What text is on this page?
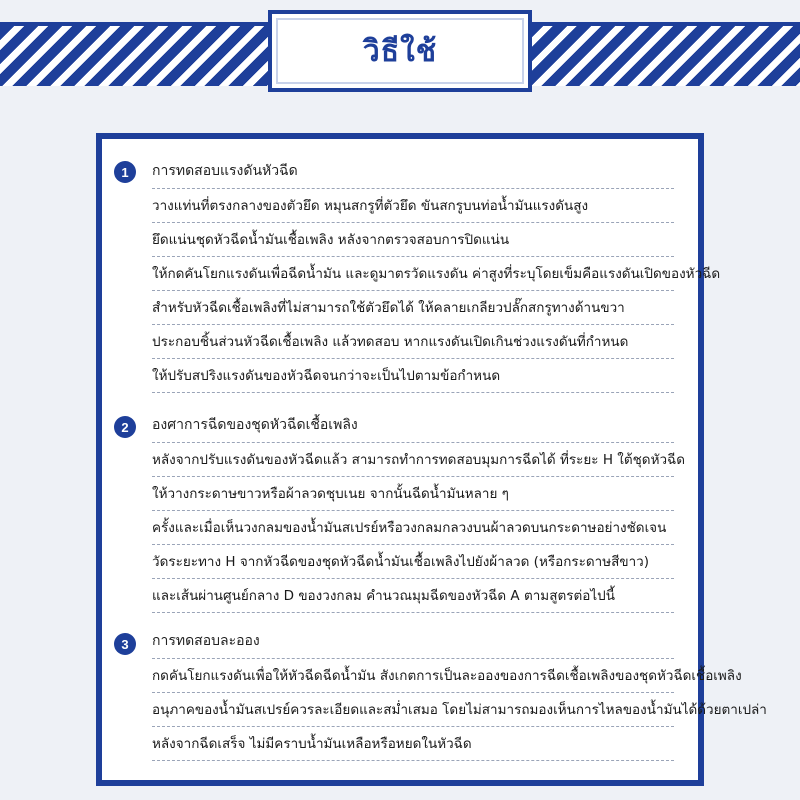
วิธีใช้
1 การทดสอบแรงดันหัวฉีด
วางแท่นที่ตรงกลางของตัวยึด หมุนสกรูที่ตัวยึด ขันสกรูบนท่อน้ำมันแรงดันสูง
ยึดแน่นชุดหัวฉีดน้ำมันเชื้อเพลิง หลังจากตรวจสอบการปิดแน่น
ให้กดคันโยกแรงดันเพื่อฉีดน้ำมัน และดูมาตรวัดแรงดัน ค่าสูงที่ระบุโดยเข็มคือแรงดันเปิดของหัวฉีด
สำหรับหัวฉีดเชื้อเพลิงที่ไม่สามารถใช้ตัวยึดได้ ให้คลายเกลียวปลั๊กสกรูทางด้านขวา
ประกอบชิ้นส่วนหัวฉีดเชื้อเพลิง แล้วทดสอบ หากแรงดันเปิดเกินช่วงแรงดันที่กำหนด
ให้ปรับสปริงแรงดันของหัวฉีดจนกว่าจะเป็นไปตามข้อกำหนด
2 องศาการฉีดของชุดหัวฉีดเชื้อเพลิง
หลังจากปรับแรงดันของหัวฉีดแล้ว สามารถทำการทดสอบมุมการฉีดได้ ที่ระยะ H ใต้ชุดหัวฉีด
ให้วางกระดาษขาวหรือผ้าลวดชุบเนย จากนั้นฉีดน้ำมันหลาย ๆ
ครั้งและเมื่อเห็นวงกลมของน้ำมันสเปรย์หรือวงกลมกลวงบนผ้าลวดบนกระดาษอย่างชัดเจน
วัดระยะทาง H จากหัวฉีดของชุดหัวฉีดน้ำมันเชื้อเพลิงไปยังผ้าลวด (หรือกระดาษสีขาว)
และเส้นผ่านศูนย์กลาง D ของวงกลม คำนวณมุมฉีดของหัวฉีด A ตามสูตรต่อไปนี้
3 การทดสอบละออง
กดคันโยกแรงดันเพื่อให้หัวฉีดฉีดน้ำมัน สังเกตการเป็นละอองของการฉีดเชื้อเพลิงของชุดหัวฉีดเชื้อเพลิง
อนุภาคของน้ำมันสเปรย์ควรละเอียดและสม่ำเสมอ โดยไม่สามารถมองเห็นการไหลของน้ำมันได้ด้วยตาเปล่า
หลังจากฉีดเสร็จ ไม่มีคราบน้ำมันเหลือหรือหยดในหัวฉีด
